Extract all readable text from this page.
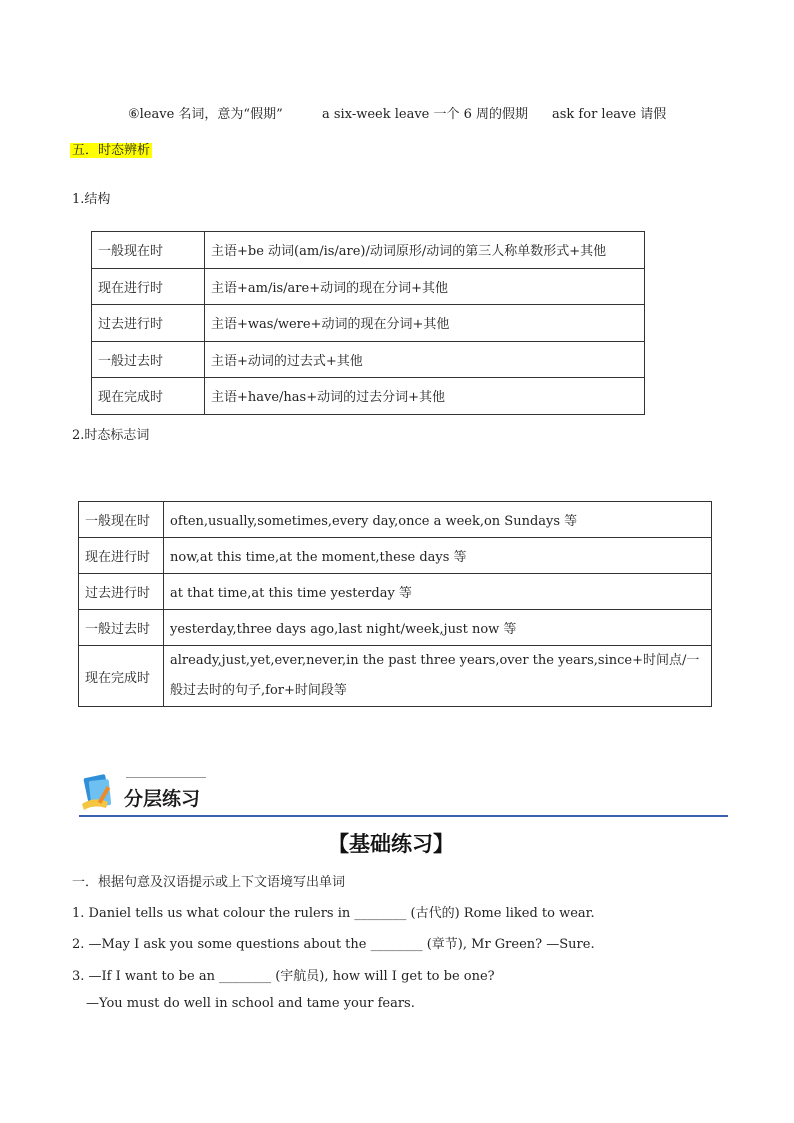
⑥leave 名词，意为“假期”	a six-week leave 一个 6 周的假期 ask for leave 请假
五．时态辨析
1.结构
一般现在时	主语+be 动词(am/is/are)/动词原形/动词的第三人称单数形式+其他
现在进行时	主语+am/is/are+动词的现在分词+其他
过去进行时	主语+was/were+动词的现在分词+其他
一般过去时	主语+动词的过去式+其他
现在完成时	主语+have/has+动词的过去分词+其他
2.时态标志词
一般现在时	often,usually,sometimes,every day,once a week,on Sundays 等
现在进行时	now,at this time,at the moment,these days 等
过去进行时	at that time,at this time yesterday 等
一般过去时	yesterday,three days ago,last night/week,just now 等
现在完成时	already,just,yet,ever,never,in the past three years,over the years,since+时间点/一般过去时的句子,for+时间段等
分层练习
【基础练习】
一．根据句意及汉语提示或上下文语境写出单词
1. Daniel tells us what colour the rulers in ________ (古代的) Rome liked to wear.
2. —May I ask you some questions about the ________ (章节), Mr Green? —Sure.
3. —If I want to be an ________ (宇航员), how will I get to be one?
—You must do well in school and tame your fears.
